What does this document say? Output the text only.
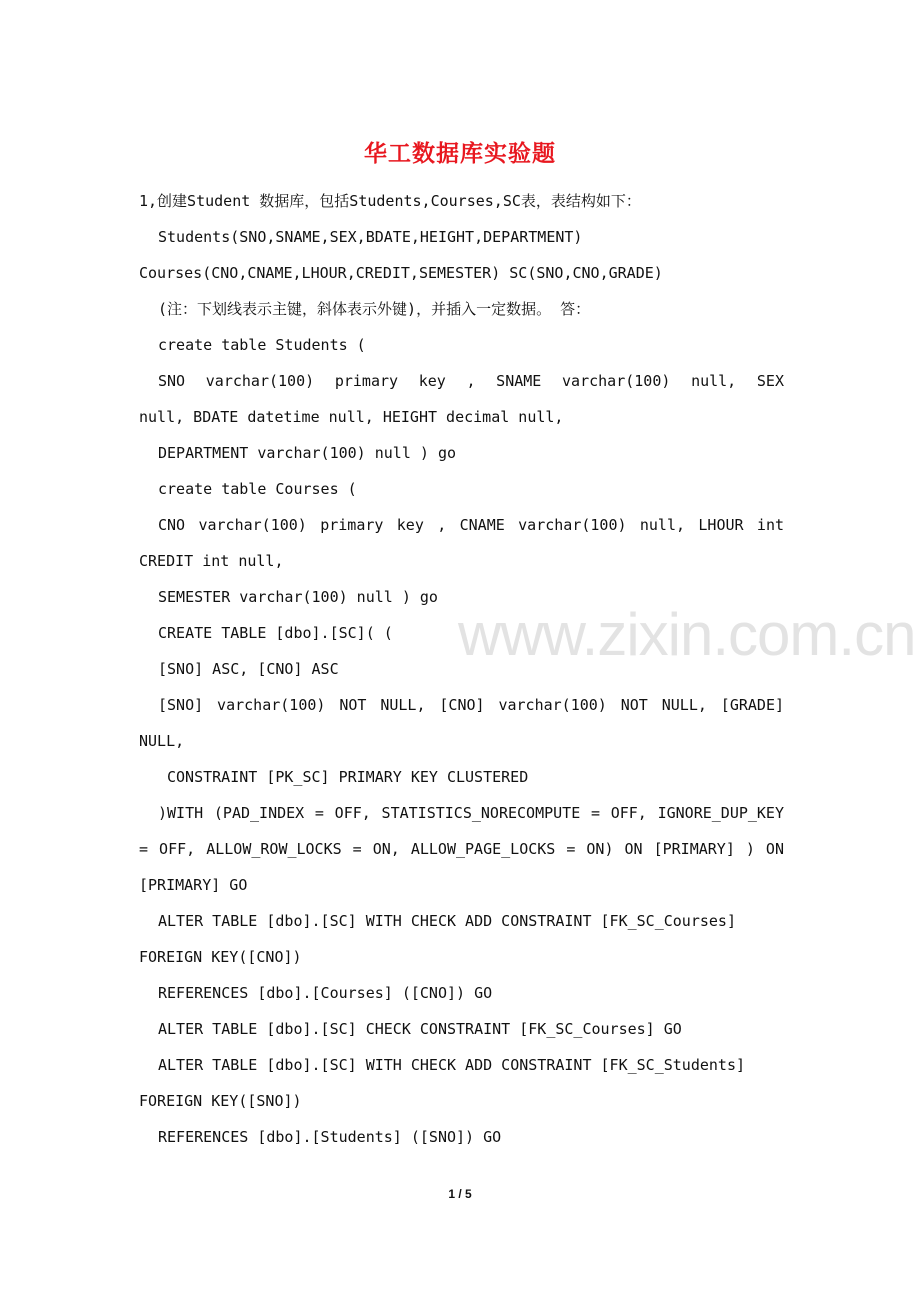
华工数据库实验题
1,创建Student 数据库，包括Students,Courses,SC表，表结构如下：
Students(SNO,SNAME,SEX,BDATE,HEIGHT,DEPARTMENT)
Courses(CNO,CNAME,LHOUR,CREDIT,SEMESTER) SC(SNO,CNO,GRADE)
(注：下划线表示主键，斜体表示外键)，并插入一定数据。 答：
create table Students (
SNO varchar(100) primary key , SNAME varchar(100) null, SEX
null, BDATE datetime null, HEIGHT decimal null,
DEPARTMENT varchar(100) null ) go
create table Courses (
CNO varchar(100) primary key , CNAME varchar(100) null, LHOUR int
CREDIT int null,
SEMESTER varchar(100) null ) go
CREATE TABLE [dbo].[SC]( (
[SNO] ASC, [CNO] ASC
[SNO] varchar(100) NOT NULL, [CNO] varchar(100) NOT NULL, [GRADE]
NULL,
CONSTRAINT [PK_SC] PRIMARY KEY CLUSTERED
)WITH (PAD_INDEX = OFF, STATISTICS_NORECOMPUTE = OFF, IGNORE_DUP_KEY
= OFF, ALLOW_ROW_LOCKS = ON, ALLOW_PAGE_LOCKS = ON) ON [PRIMARY] ) ON
[PRIMARY] GO
ALTER TABLE [dbo].[SC] WITH CHECK ADD CONSTRAINT [FK_SC_Courses]
FOREIGN KEY([CNO])
REFERENCES [dbo].[Courses] ([CNO]) GO
ALTER TABLE [dbo].[SC] CHECK CONSTRAINT [FK_SC_Courses] GO
ALTER TABLE [dbo].[SC] WITH CHECK ADD CONSTRAINT [FK_SC_Students]
FOREIGN KEY([SNO])
REFERENCES [dbo].[Students] ([SNO]) GO
www.zixin.com.cn
1 / 5
